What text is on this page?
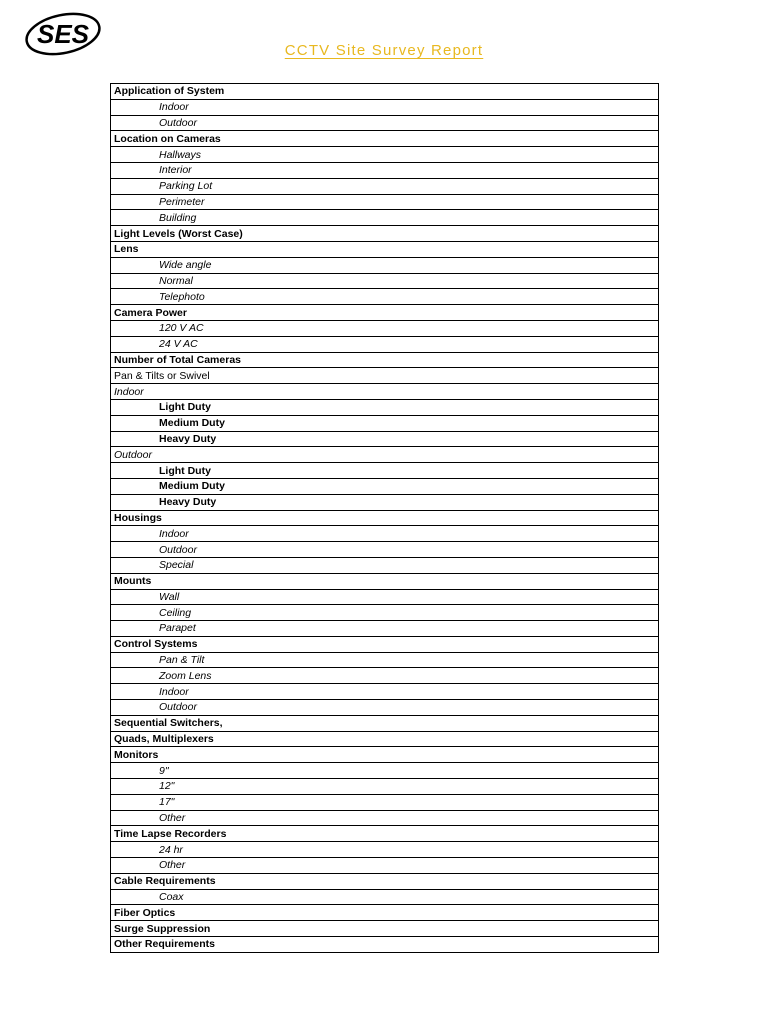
SES
CCTV Site Survey Report
Application of System
Indoor
Outdoor
Location on Cameras
Hallways
Interior
Parking Lot
Perimeter
Building
Light Levels (Worst Case)
Lens
Wide angle
Normal
Telephoto
Camera Power
120 V AC
24 V AC
Number of Total Cameras
Pan & Tilts or Swivel
Indoor
Light Duty
Medium Duty
Heavy Duty
Outdoor
Light Duty
Medium Duty
Heavy Duty
Housings
Indoor
Outdoor
Special
Mounts
Wall
Ceiling
Parapet
Control Systems
Pan & Tilt
Zoom Lens
Indoor
Outdoor
Sequential Switchers,
Quads, Multiplexers
Monitors
9"
12"
17"
Other
Time Lapse Recorders
24 hr
Other
Cable Requirements
Coax
Fiber Optics
Surge Suppression
Other Requirements
